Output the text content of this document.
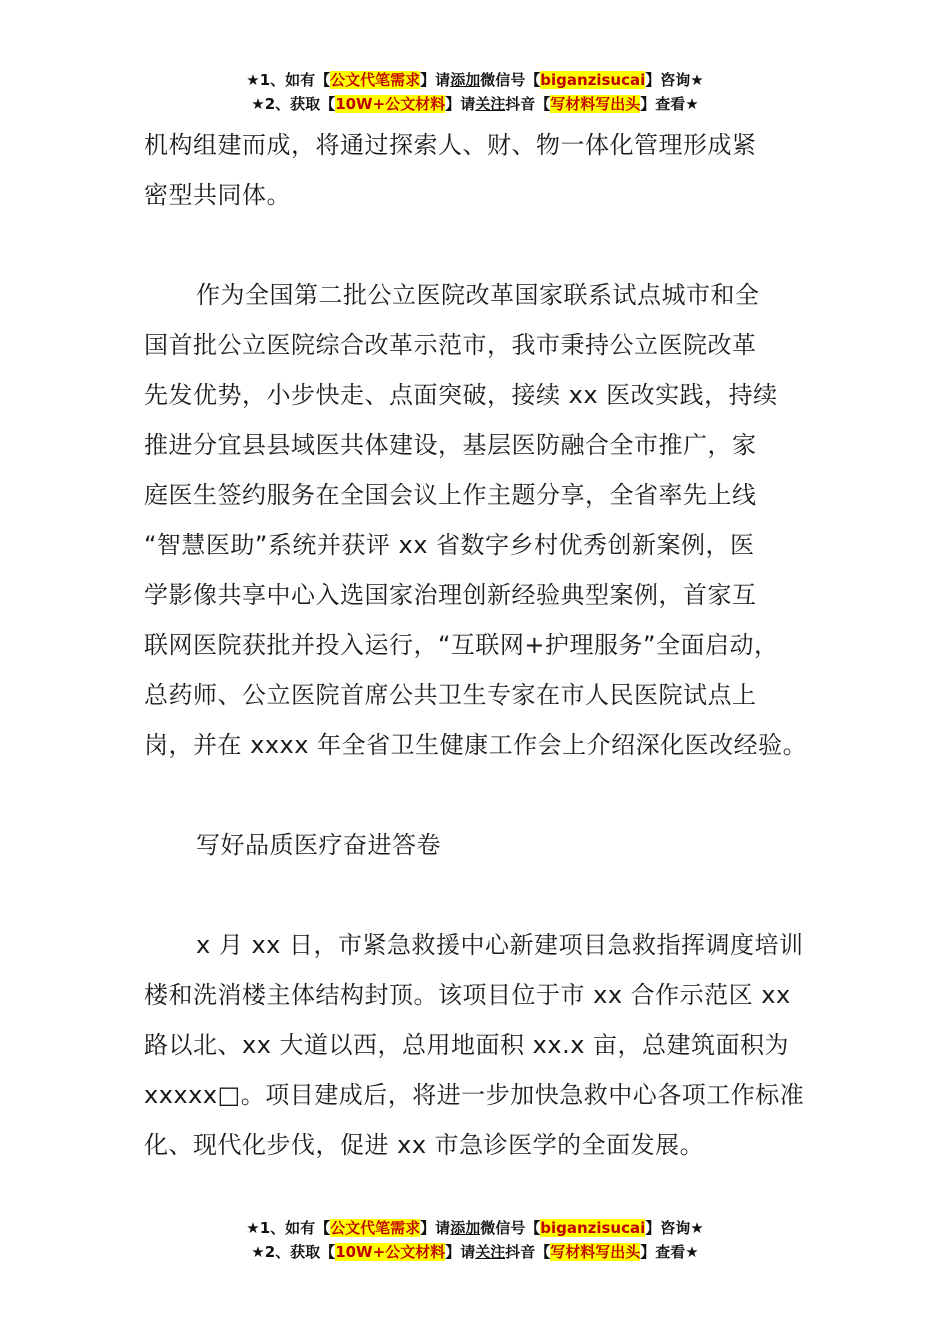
★1、如有【公文代笔需求】请添加微信号【biganzisucai】咨询★
★2、获取【10W+公文材料】请关注抖音【写材料写出头】查看★

机构组建而成，将通过探索人、财、物一体化管理形成紧

密型共同体。

作为全国第二批公立医院改革国家联系试点城市和全

国首批公立医院综合改革示范市，我市秉持公立医院改革

先发优势，小步快走、点面突破，接续 xx 医改实践，持续

推进分宜县县域医共体建设，基层医防融合全市推广，家

庭医生签约服务在全国会议上作主题分享，全省率先上线

“智慧医助”系统并获评 xx 省数字乡村优秀创新案例，医

学影像共享中心入选国家治理创新经验典型案例，首家互

联网医院获批并投入运行，“互联网+护理服务”全面启动，

总药师、公立医院首席公共卫生专家在市人民医院试点上

岗，并在 xxxx 年全省卫生健康工作会上介绍深化医改经验。

写好品质医疗奋进答卷

x 月 xx 日，市紧急救援中心新建项目急救指挥调度培训

楼和洗消楼主体结构封顶。该项目位于市 xx 合作示范区 xx

路以北、xx 大道以西，总用地面积 xx.x 亩，总建筑面积为

xxxxx□。项目建成后，将进一步加快急救中心各项工作标准

化、现代化步伐，促进 xx 市急诊医学的全面发展。

★1、如有【公文代笔需求】请添加微信号【biganzisucai】咨询★
★2、获取【10W+公文材料】请关注抖音【写材料写出头】查看★
